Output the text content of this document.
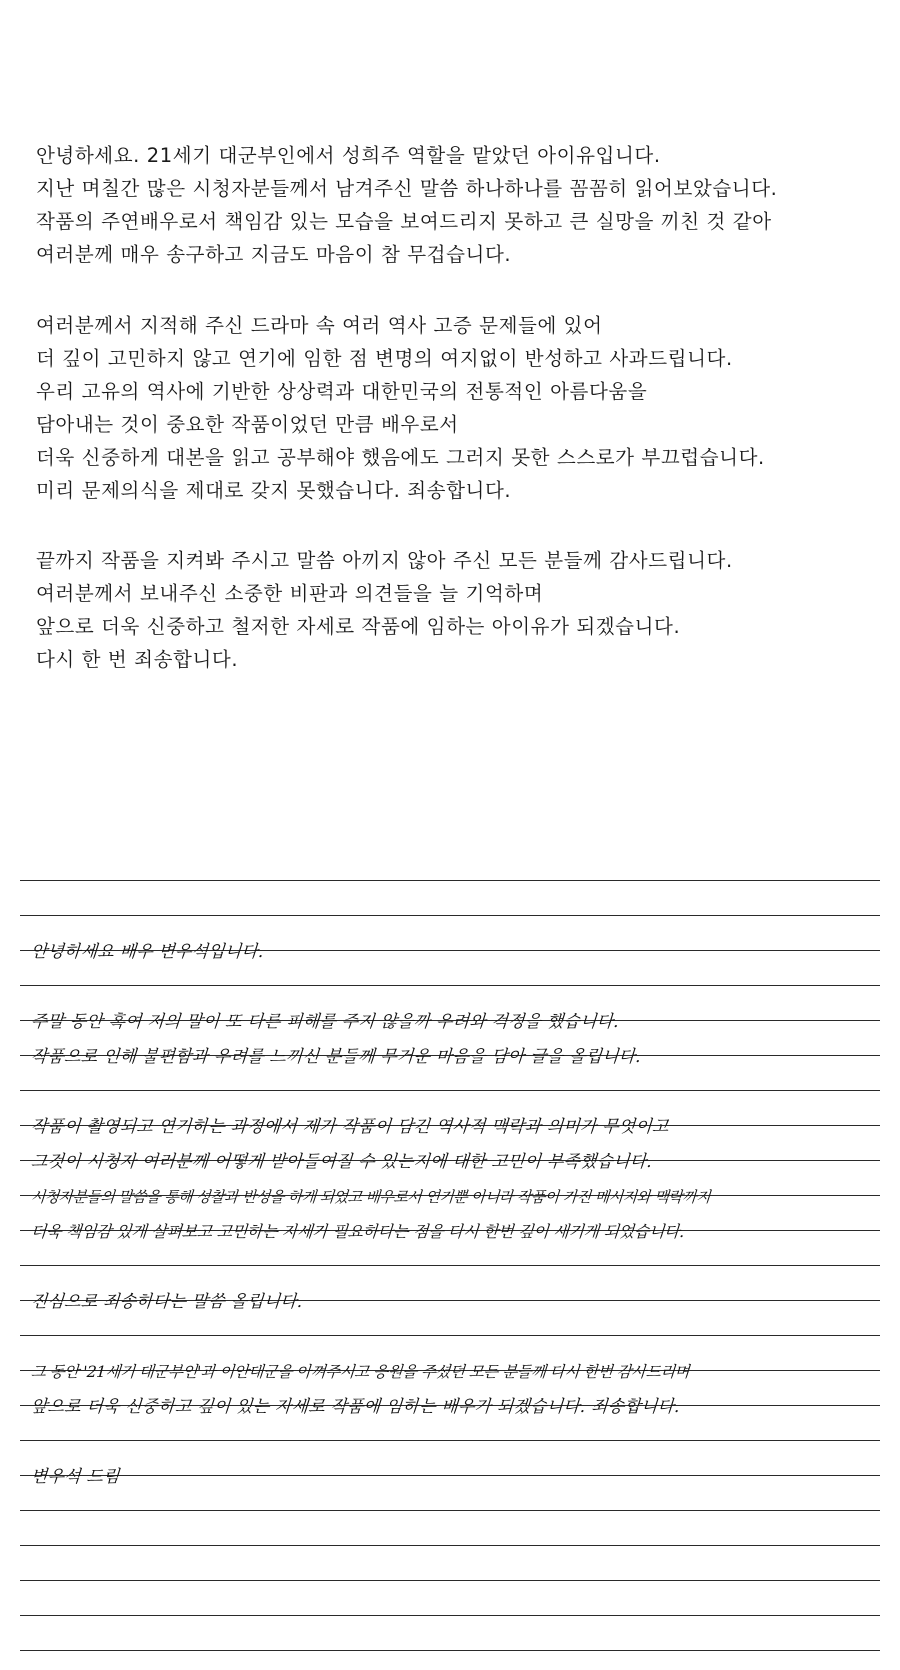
안녕하세요. 21세기 대군부인에서 성희주 역할을 맡았던 아이유입니다.
지난 며칠간 많은 시청자분들께서 남겨주신 말씀 하나하나를 꼼꼼히 읽어보았습니다.
작품의 주연배우로서 책임감 있는 모습을 보여드리지 못하고 큰 실망을 끼친 것 같아
여러분께 매우 송구하고 지금도 마음이 참 무겁습니다.
여러분께서 지적해 주신 드라마 속 여러 역사 고증 문제들에 있어
더 깊이 고민하지 않고 연기에 임한 점 변명의 여지없이 반성하고 사과드립니다.
우리 고유의 역사에 기반한 상상력과 대한민국의 전통적인 아름다움을
담아내는 것이 중요한 작품이었던 만큼 배우로서
더욱 신중하게 대본을 읽고 공부해야 했음에도 그러지 못한 스스로가 부끄럽습니다.
미리 문제의식을 제대로 갖지 못했습니다. 죄송합니다.
끝까지 작품을 지켜봐 주시고 말씀 아끼지 않아 주신 모든 분들께 감사드립니다.
여러분께서 보내주신 소중한 비판과 의견들을 늘 기억하며
앞으로 더욱 신중하고 철저한 자세로 작품에 임하는 아이유가 되겠습니다.
다시 한 번 죄송합니다.
안녕하세요 배우 변우석입니다.
주말 동안 혹여 저의 말이 또 다른 피해를 주지 않을까 우려와 걱정을 했습니다.
작품으로 인해 불편함과 우려를 느끼신 분들께 무거운 마음을 담아 글을 올립니다.
작품이 촬영되고 연기하는 과정에서 제가 작품이 담긴 역사적 맥락과 의미가 무엇이고
그것이 시청자 여러분께 어떻게 받아들여질 수 있는지에 대한 고민이 부족했습니다.
시청자분들의 말씀을 통해 성찰과 반성을 하게 되었고 배우로서 연기뿐 아니라 작품이 가진 메시지와 맥락까지
더욱 책임감 있게 살펴보고 고민하는 자세가 필요하다는 점을 다시 한번 깊이 새기게 되었습니다.
진심으로 죄송하다는 말씀 올립니다.
그 동안 '21세기 대군부인'과 이안대군을 아껴주시고 응원을 주셨던 모든 분들께 다시 한번 감사드리며
앞으로 더욱 신중하고 깊이 있는 자세로 작품에 임하는 배우가 되겠습니다. 죄송합니다.
변우석 드림
